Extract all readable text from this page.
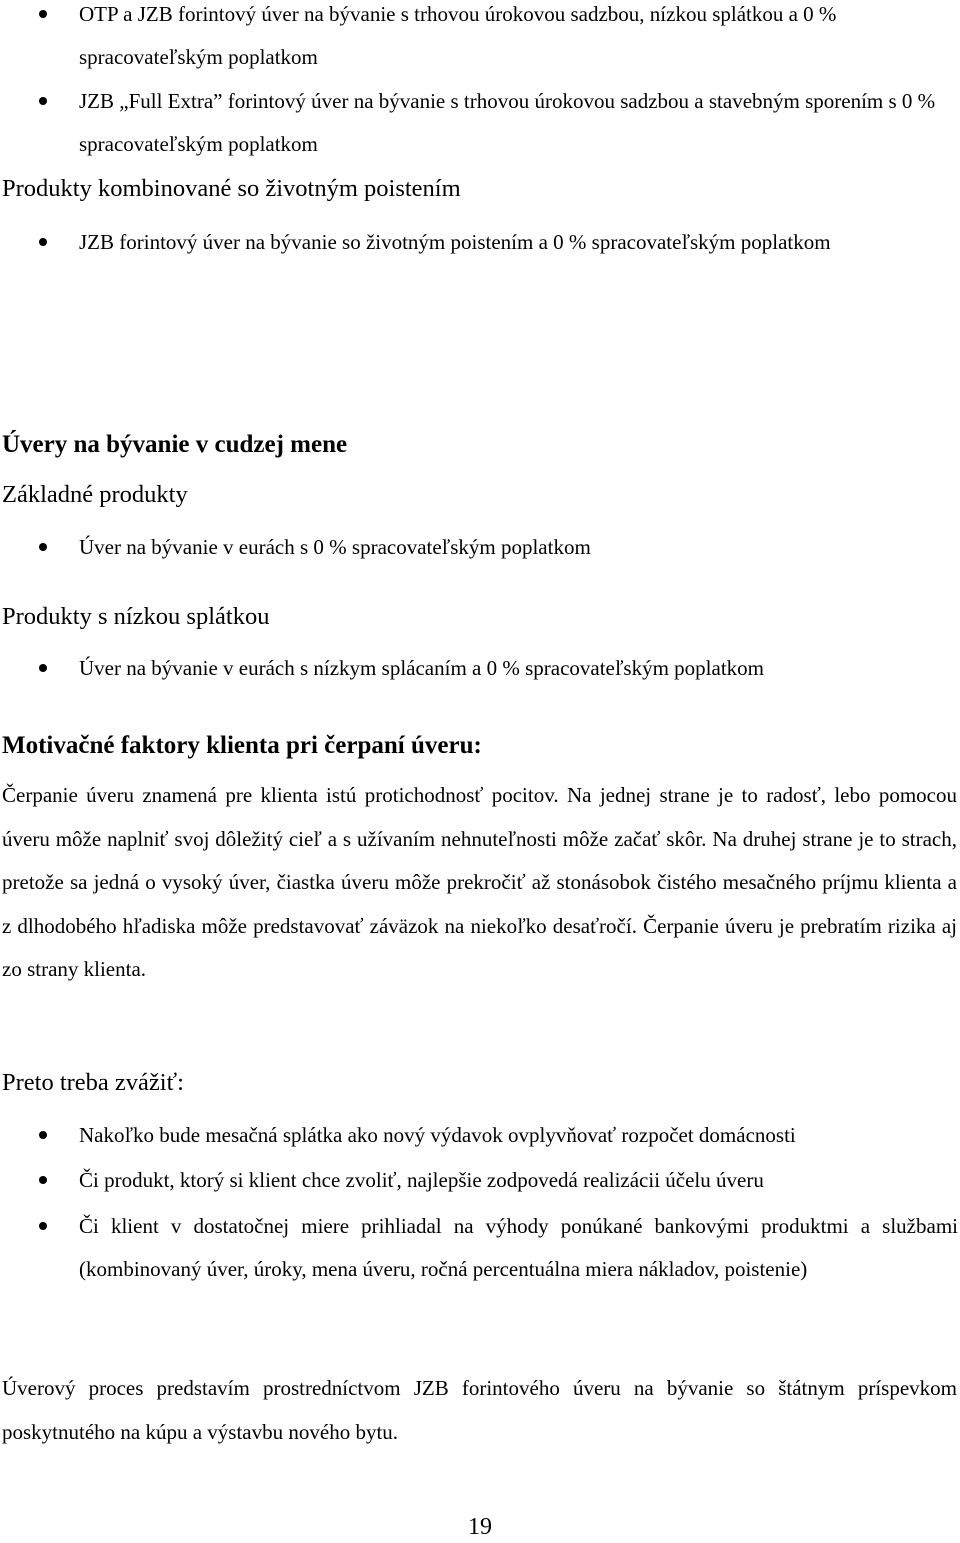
OTP a JZB forintový úver na bývanie s trhovou úrokovou sadzbou, nízkou splátkou a 0 % spracovateľským poplatkom
JZB „Full Extra” forintový úver na bývanie s trhovou úrokovou sadzbou a stavebným sporením s 0 % spracovateľským poplatkom
Produkty kombinované so životným poistením
JZB forintový úver na bývanie so životným poistením a 0 % spracovateľským poplatkom
Úvery na bývanie v cudzej mene
Základné produkty
Úver na bývanie v eurách s 0 % spracovateľským poplatkom
Produkty s nízkou splátkou
Úver na bývanie v eurách s nízkym splácaním a 0 % spracovateľským poplatkom
Motivačné faktory klienta pri čerpaní úveru:
Čerpanie úveru znamená pre klienta istú protichodnosť pocitov. Na jednej strane je to radosť, lebo pomocou úveru môže naplniť svoj dôležitý cieľ a s užívaním nehnuteľnosti môže začať skôr. Na druhej strane je to strach, pretože sa jedná o vysoký úver, čiastka úveru môže prekročiť až stonásobok čistého mesačného príjmu klienta a z dlhodobého hľadiska môže predstavovať záväzok na niekoľko desaťročí. Čerpanie úveru je prebratím rizika aj zo strany klienta.
Preto treba zvážiť:
Nakoľko bude mesačná splátka ako nový výdavok ovplyvňovať rozpočet domácnosti
Či produkt, ktorý si klient chce zvoliť, najlepšie zodpovedá realizácii účelu úveru
Či klient v dostatočnej miere prihliadal na výhody ponúkané bankovými produktmi a službami (kombinovaný úver, úroky, mena úveru, ročná percentuálna miera nákladov, poistenie)
Úverový proces predstavím prostredníctvom JZB forintového úveru na bývanie so štátnym príspevkom poskytnutého na kúpu a výstavbu nového bytu.
19
